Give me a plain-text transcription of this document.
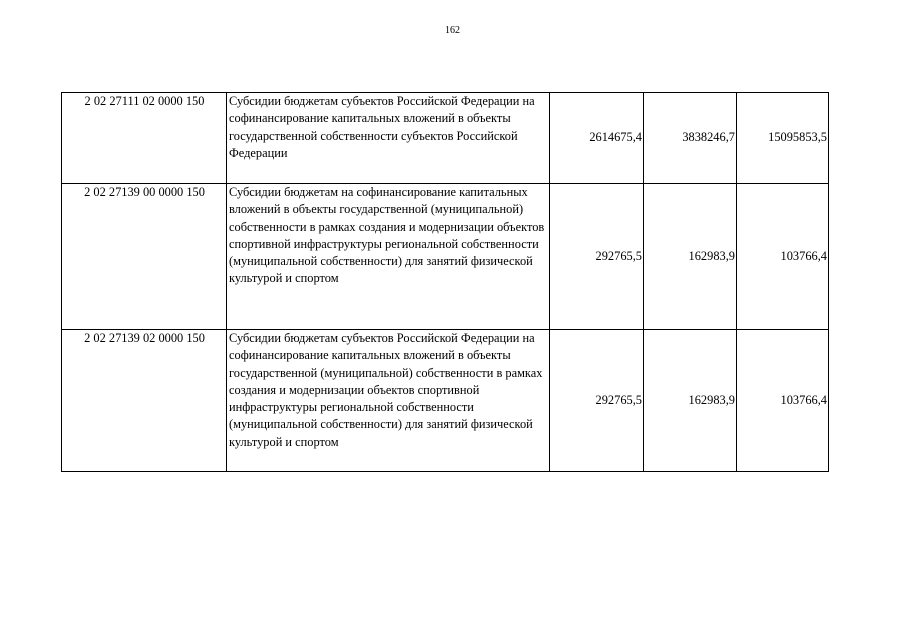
162
2 02 27111 02 0000 150	Субсидии бюджетам субъектов Российской Федерации на софинансирование капитальных вложений в объекты государственной собственности субъектов Российской Федерации	2614675,4	3838246,7	15095853,5
2 02 27139 00 0000 150	Субсидии бюджетам на софинансирование капитальных вложений в объекты государственной (муниципальной) собственности в рамках создания и модернизации объектов спортивной инфраструктуры региональной собственности (муниципальной собственности) для занятий физической культурой и спортом	292765,5	162983,9	103766,4
2 02 27139 02 0000 150	Субсидии бюджетам субъектов Российской Федерации на софинансирование капитальных вложений в объекты государственной (муниципальной) собственности в рамках создания и модернизации объектов спортивной инфраструктуры региональной собственности (муниципальной собственности) для занятий физической культурой и спортом	292765,5	162983,9	103766,4
